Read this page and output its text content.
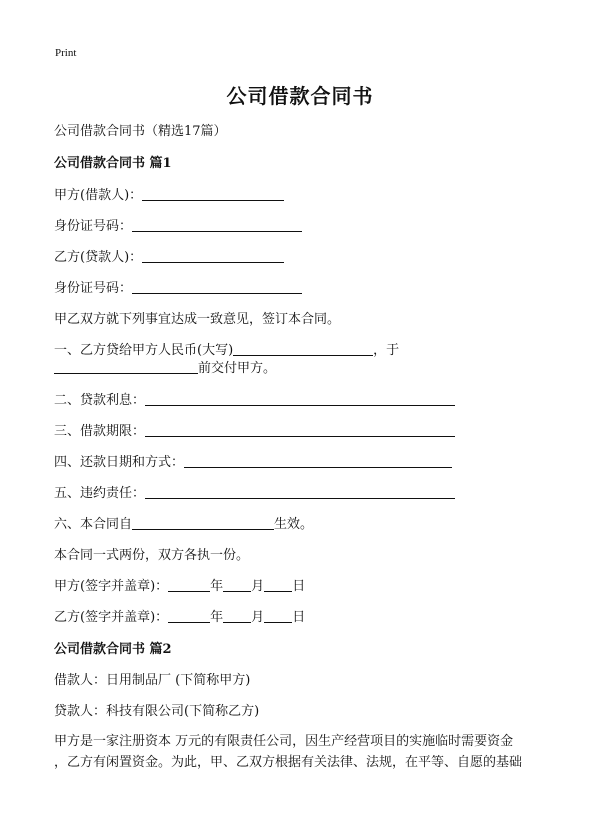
Print
公司借款合同书
公司借款合同书（精选17篇）
公司借款合同书 篇1
甲方(借款人)：
身份证号码：
乙方(贷款人)：
身份证号码：
甲乙双方就下列事宜达成一致意见，签订本合同。
一、乙方贷给甲方人民币(大写)	，于
前交付甲方。
二、贷款利息：
三、借款期限：
四、还款日期和方式：
五、违约责任：
六、本合同自	生效。
本合同一式两份，双方各执一份。
甲方(签字并盖章)：	年 月 日
乙方(签字并盖章)：	年 月 日
公司借款合同书 篇2
借款人：日用制品厂 (下简称甲方)
贷款人：科技有限公司(下简称乙方)
甲方是一家注册资本 万元的有限责任公司，因生产经营项目的实施临时需要资金
，乙方有闲置资金。为此，甲、乙双方根据有关法律、法规，在平等、自愿的基础
